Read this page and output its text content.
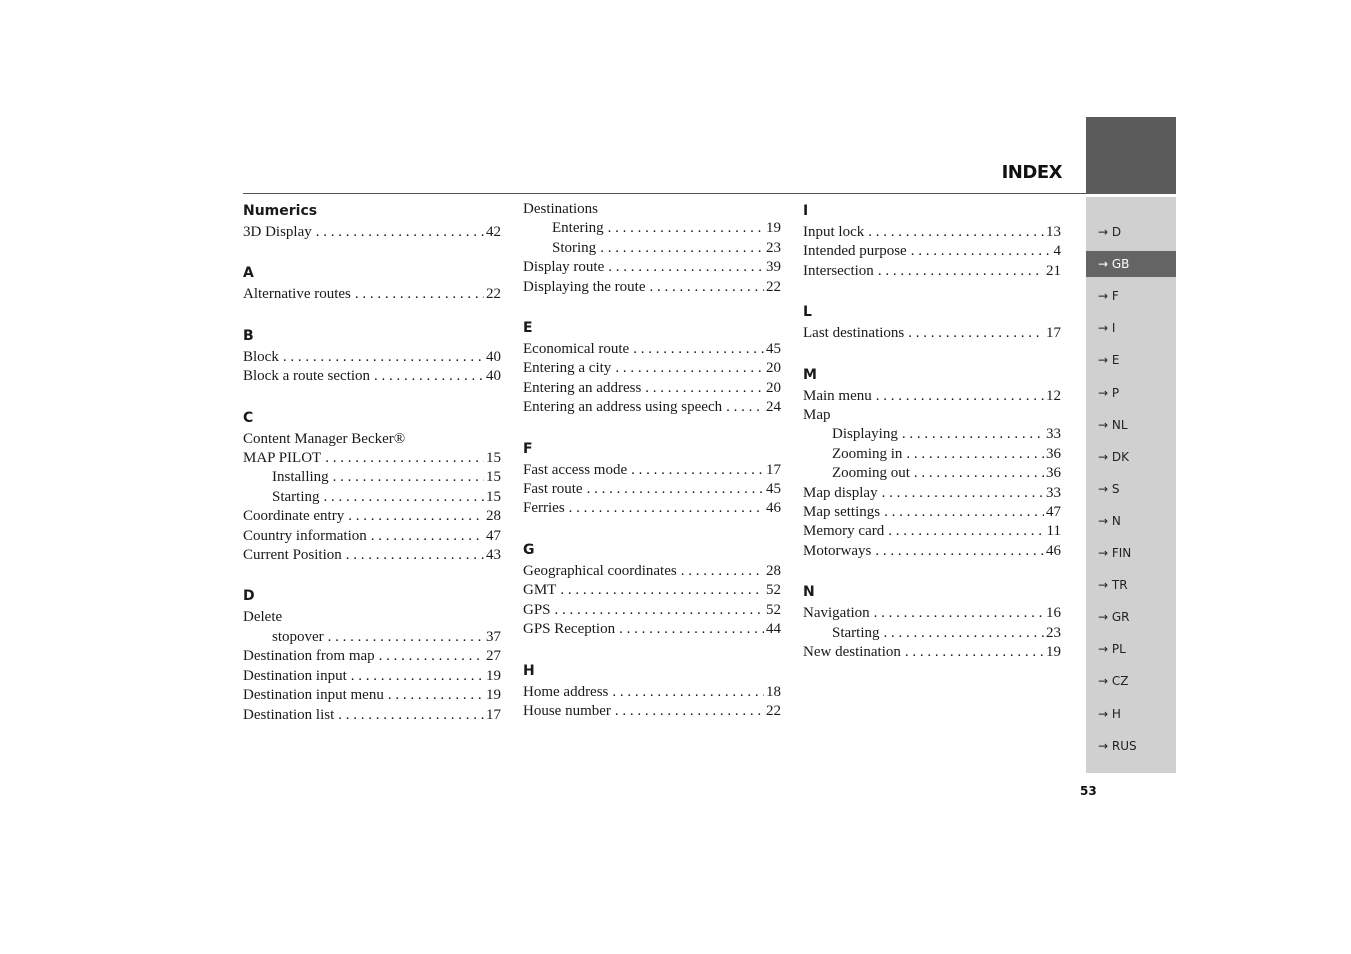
INDEX
Numerics
3D Display . . .	42
A
Alternative routes . . .	22
B
Block . . .	40
Block a route section . . .	40
C
Content Manager Becker®
MAP PILOT . . .	15
Installing . . .	15
Starting . . .	15
Coordinate entry . . .	28
Country information . . .	47
Current Position . . .	43
D
Delete
stopover . . .	37
Destination from map . . .	27
Destination input . . .	19
Destination input menu . . .	19
Destination list . . .	17
Destinations
Entering . . .	19
Storing . . .	23
Display route . . .	39
Displaying the route . . .	22
E
Economical route . . .	45
Entering a city . . .	20
Entering an address . . .	20
Entering an address using speech . . .	24
F
Fast access mode . . .	17
Fast route . . .	45
Ferries . . .	46
G
Geographical coordinates . . .	28
GMT . . .	52
GPS . . .	52
GPS Reception . . .	44
H
Home address . . .	18
House number . . .	22
I
Input lock . . .	13
Intended purpose . . .	4
Intersection . . .	21
L
Last destinations . . .	17
M
Main menu . . .	12
Map
Displaying . . .	33
Zooming in . . .	36
Zooming out . . .	36
Map display . . .	33
Map settings . . .	47
Memory card . . .	11
Motorways . . .	46
N
Navigation . . .	16
Starting . . .	23
New destination . . .	19
→ D
→ GB
→ F
→ I
→ E
→ P
→ NL
→ DK
→ S
→ N
→ FIN
→ TR
→ GR
→ PL
→ CZ
→ H
→ RUS
53
